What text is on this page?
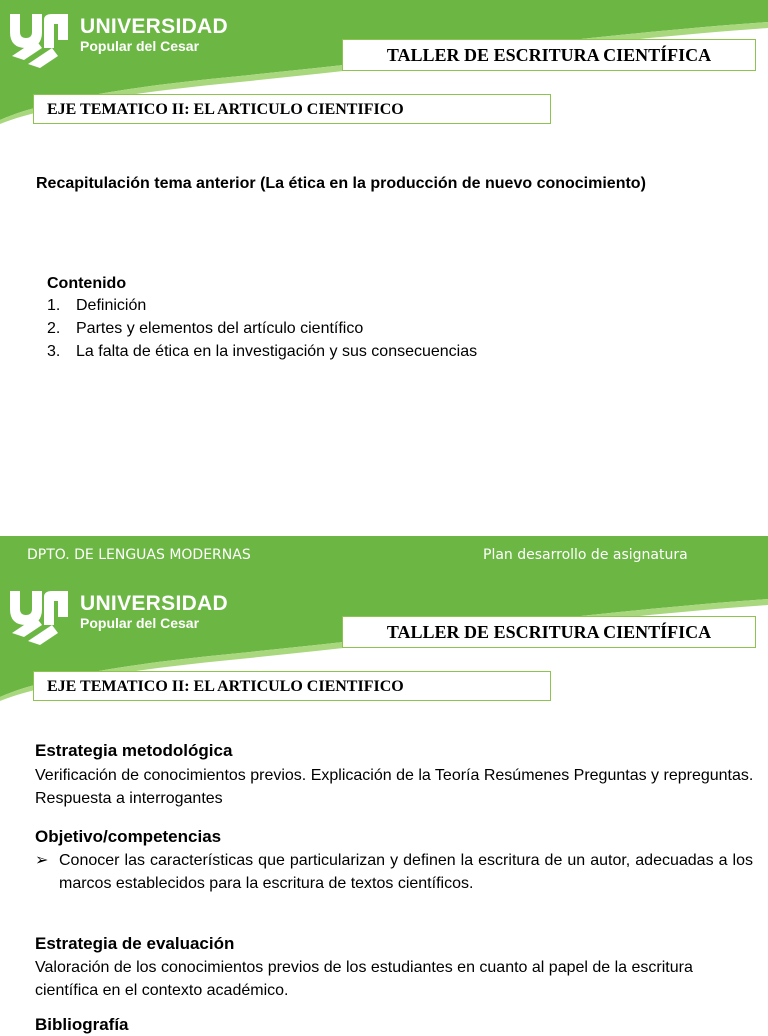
UNIVERSIDAD
Popular del Cesar	TALLER DE ESCRITURA CIENTÍFICA
EJE TEMATICO II: EL ARTICULO CIENTIFICO
Recapitulación tema anterior (La ética en la producción de nuevo conocimiento)
Contenido
1. Definición
2. Partes y elementos del artículo científico
3. La falta de ética en la investigación y sus consecuencias
DPTO. DE LENGUAS MODERNAS	Plan desarrollo de asignatura
UNIVERSIDAD
Popular del Cesar	TALLER DE ESCRITURA CIENTÍFICA
EJE TEMATICO II: EL ARTICULO CIENTIFICO
Estrategia metodológica
Verificación de conocimientos previos. Explicación de la Teoría Resúmenes Preguntas y repreguntas. Respuesta a interrogantes
Objetivo/competencias
➢ Conocer las características que particularizan y definen la escritura de un autor, adecuadas a los marcos establecidos para la escritura de textos científicos.
Estrategia de evaluación
Valoración de los conocimientos previos de los estudiantes en cuanto al papel de la escritura científica en el contexto académico.
Bibliografía
